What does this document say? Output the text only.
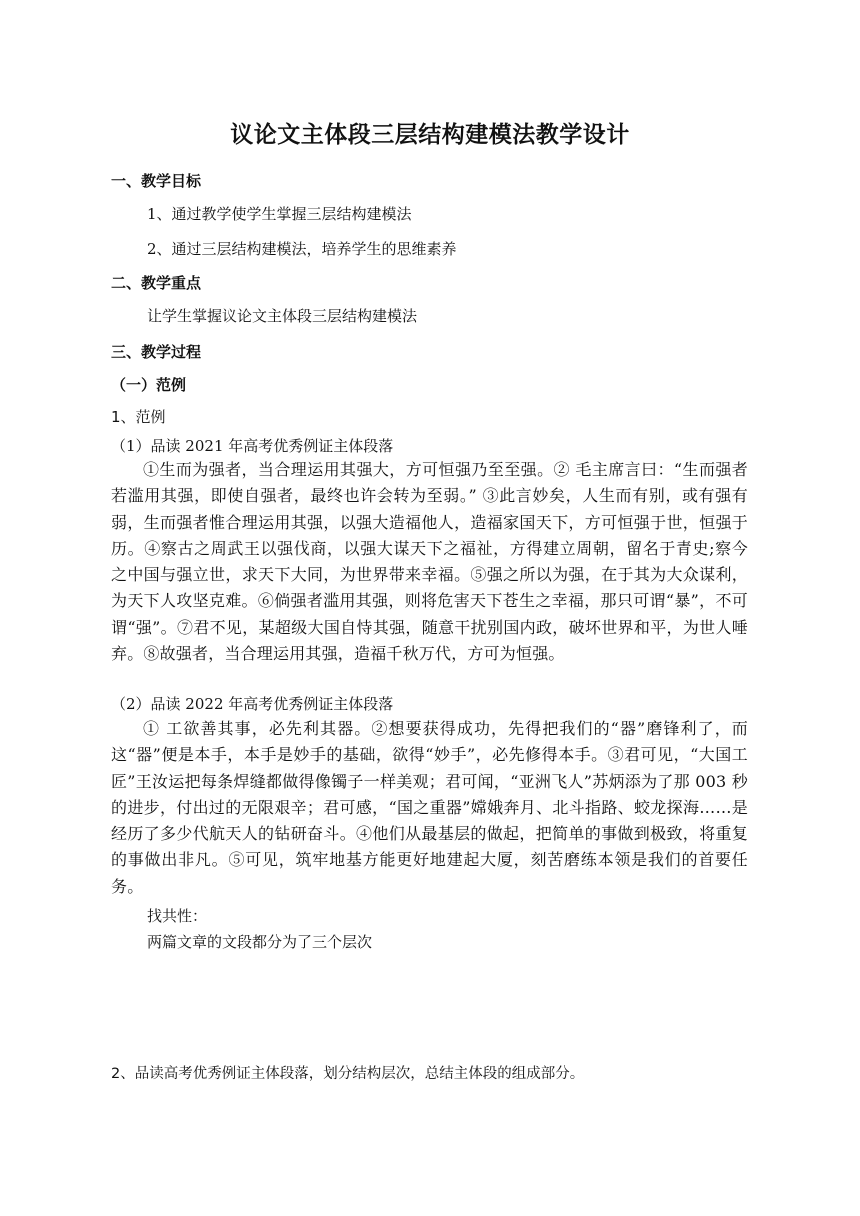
议论文主体段三层结构建模法教学设计
一、教学目标
1、通过教学使学生掌握三层结构建模法
2、通过三层结构建模法，培养学生的思维素养
二、教学重点
让学生掌握议论文主体段三层结构建模法
三、教学过程
（一）范例
1、范例
（1）品读 2021 年高考优秀例证主体段落
①生而为强者，当合理运用其强大，方可恒强乃至至强。② 毛主席言曰：“生而强者若滥用其强，即使自强者，最终也许会转为至弱。” ③此言妙矣，人生而有别，或有强有弱，生而强者惟合理运用其强，以强大造福他人，造福家国天下，方可恒强于世，恒强于历。④察古之周武王以强伐商，以强大谋天下之福祉，方得建立周朝，留名于青史;察今之中国与强立世，求天下大同，为世界带来幸福。⑤强之所以为强，在于其为大众谋利，为天下人攻坚克难。⑥倘强者滥用其强，则将危害天下苍生之幸福，那只可谓“暴”，不可谓“强”。⑦君不见，某超级大国自恃其强，随意干扰别国内政，破坏世界和平，为世人唾弃。⑧故强者，当合理运用其强，造福千秋万代，方可为恒强。
（2）品读 2022 年高考优秀例证主体段落
① 工欲善其事，必先利其器。②想要获得成功，先得把我们的“器”磨锋利了，而这“器”便是本手，本手是妙手的基础，欲得“妙手”，必先修得本手。③君可见，“大国工匠”王汝运把每条焊缝都做得像镯子一样美观；君可闻，“亚洲飞人”苏炳添为了那 003 秒的进步，付出过的无限艰辛；君可感，“国之重器”嫦娥奔月、北斗指路、蛟龙探海……是经历了多少代航天人的钻研奋斗。④他们从最基层的做起，把简单的事做到极致，将重复的事做出非凡。⑤可见，筑牢地基方能更好地建起大厦，刻苦磨练本领是我们的首要任务。
找共性：
两篇文章的文段都分为了三个层次
2、品读高考优秀例证主体段落，划分结构层次，总结主体段的组成部分。
